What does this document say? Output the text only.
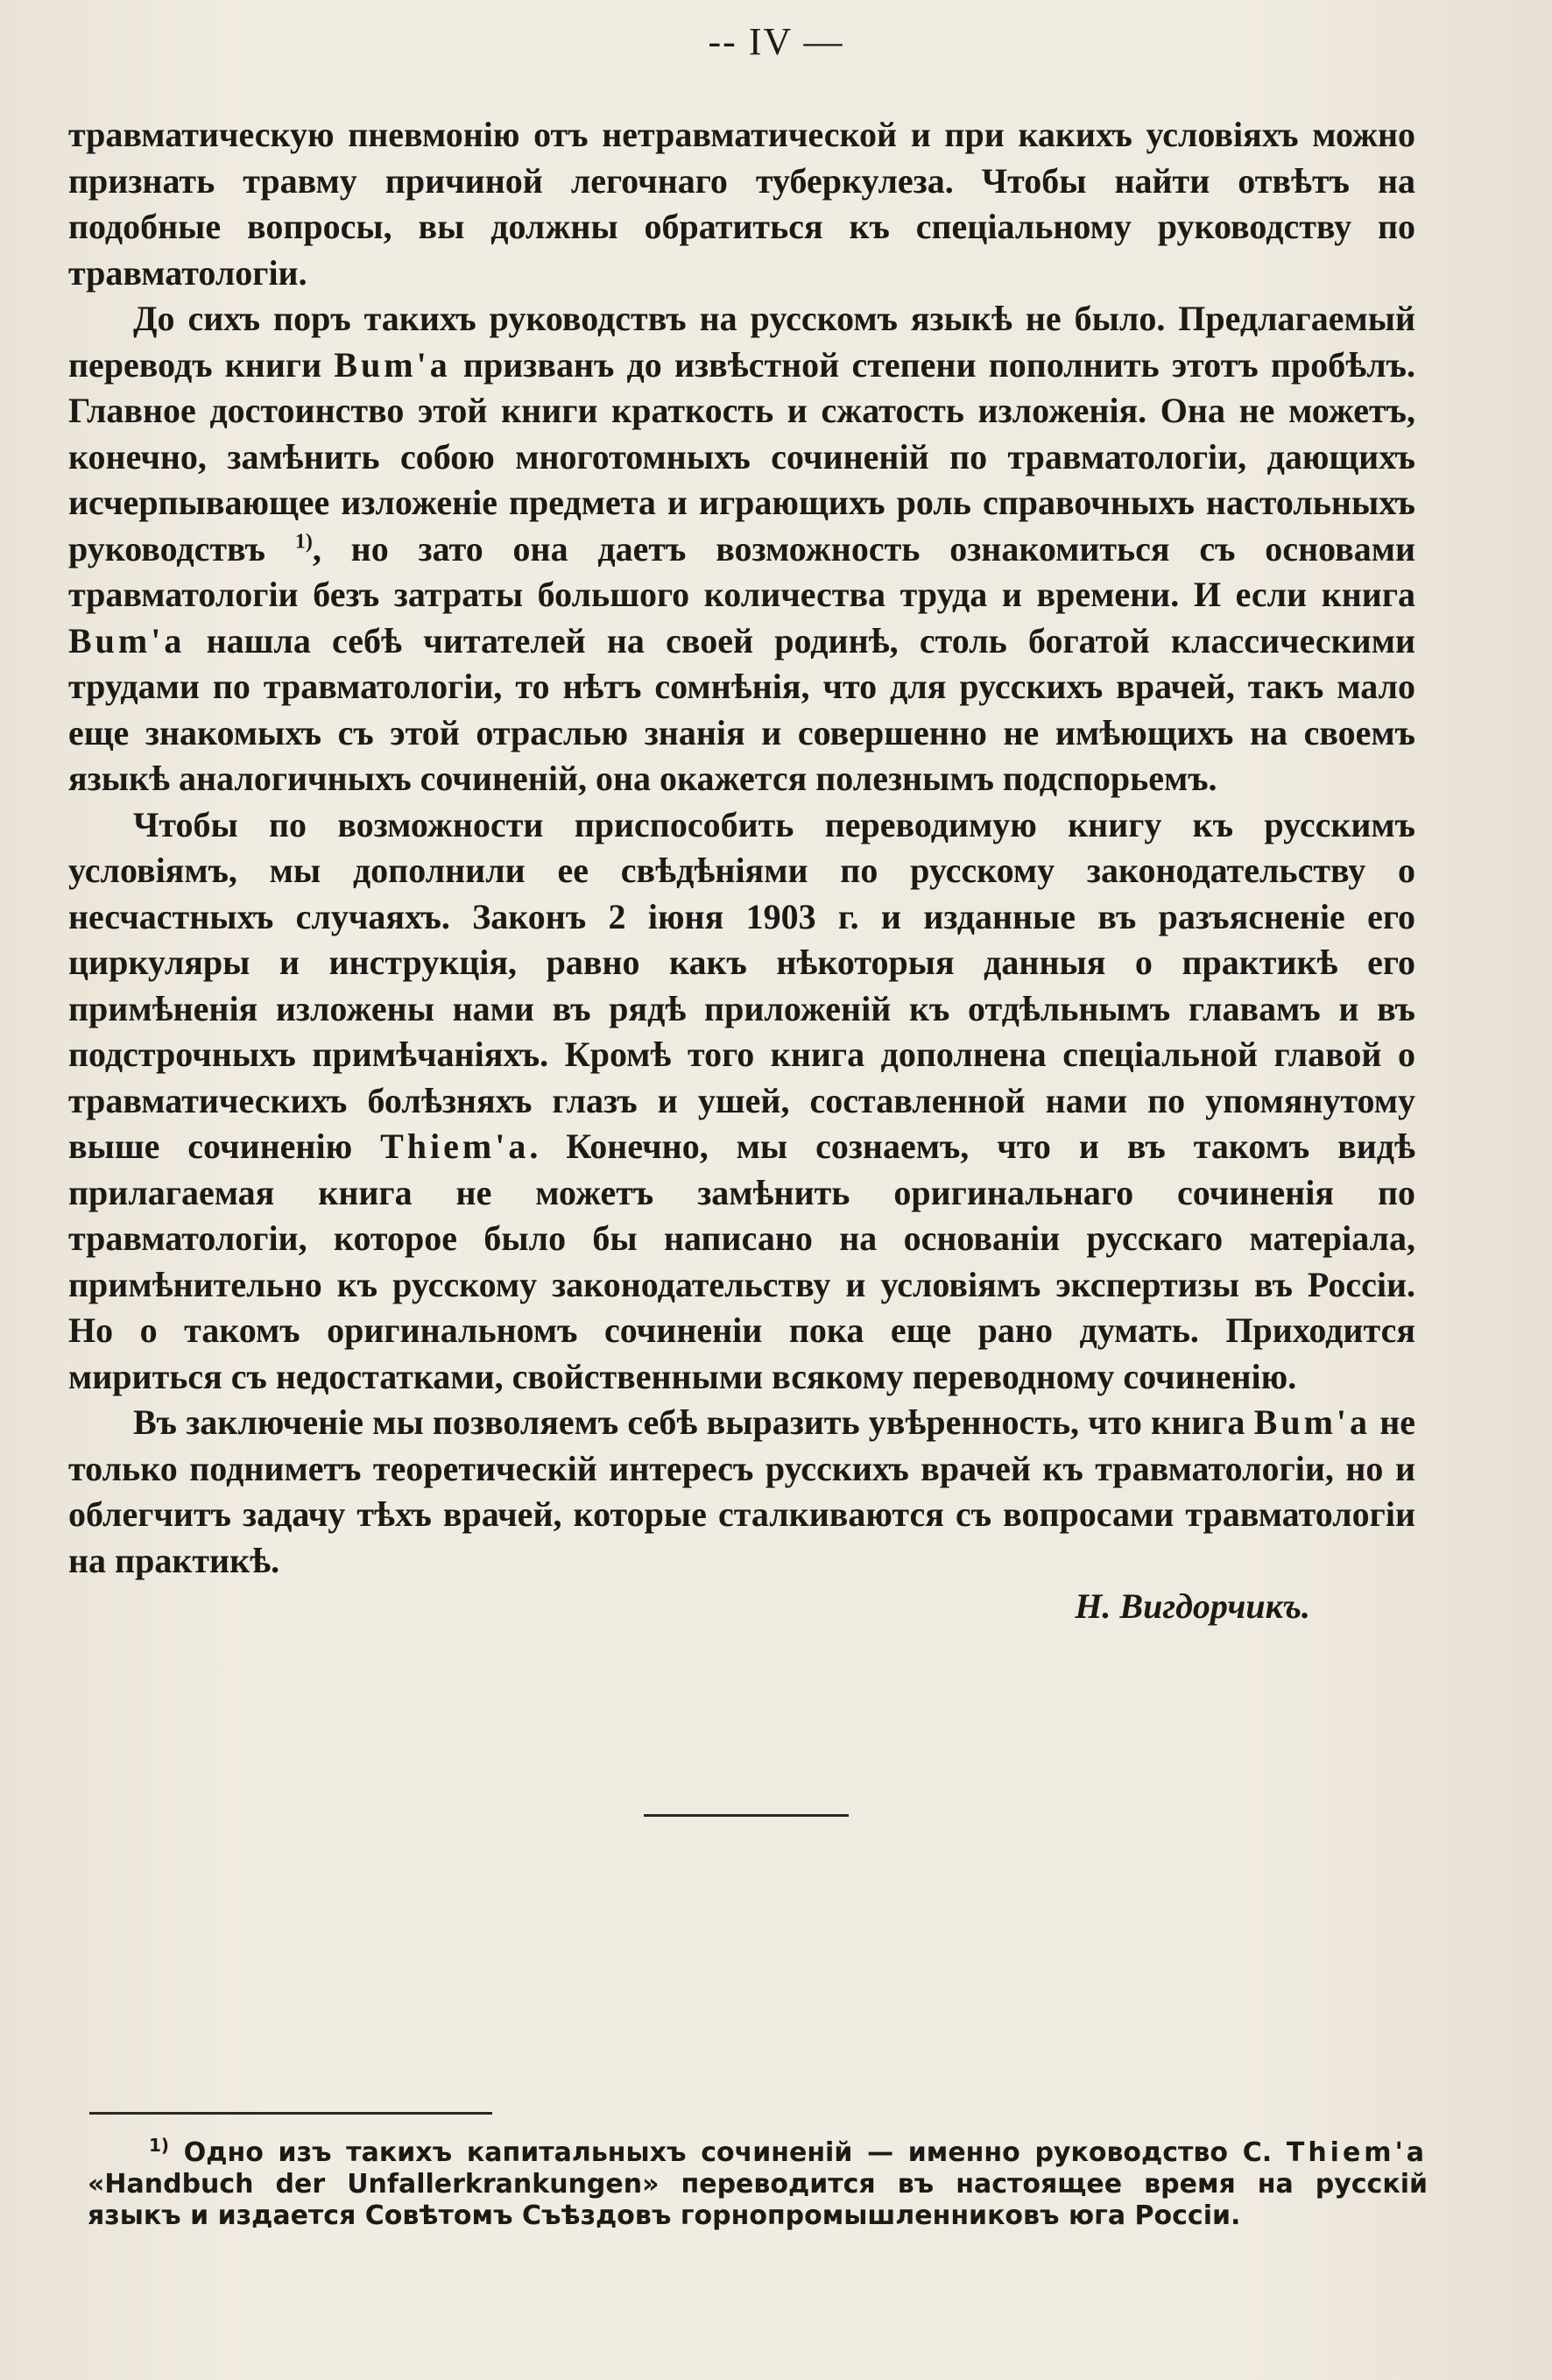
-- IV —

травматическую пневмонію отъ нетравматической и при какихъ условіяхъ можно признать травму причиной легочнаго туберкулеза. Чтобы найти отвѣтъ на подобные вопросы, вы должны обратиться къ спеціальному руководству по травматологіи.

До сихъ поръ такихъ руководствъ на русскомъ языкѣ не было. Предлагаемый переводъ книги Bum'a призванъ до извѣстной степени пополнить этотъ пробѣлъ. Главное достоинство этой книги краткость и сжатость изложенія. Она не можетъ, конечно, замѣнить собою многотомныхъ сочиненій по травматологіи, дающихъ исчерпывающее изложеніе предмета и играющихъ роль справочныхъ настольныхъ руководствъ $^{1)}$, но зато она даетъ возможность ознакомиться съ основами травматологіи безъ затраты большого количества труда и времени. И если книга Bum'a нашла себѣ читателей на своей родинѣ, столь богатой классическими трудами по травматологіи, то нѣтъ сомнѣнія, что для русскихъ врачей, такъ мало еще знакомыхъ съ этой отраслью знанія и совершенно не имѣющихъ на своемъ языкѣ аналогичныхъ сочиненій, она окажется полезнымъ подспорьемъ.

Чтобы по возможности приспособить переводимую книгу къ русскимъ условіямъ, мы дополнили ее свѣдѣніями по русскому законодательству о несчастныхъ случаяхъ. Законъ 2 іюня 1903 г. и изданные въ разъясненіе его циркуляры и инструкція, равно какъ нѣкоторыя данныя о практикѣ его примѣненія изложены нами въ рядѣ приложеній къ отдѣльнымъ главамъ и въ подстрочныхъ примѣчаніяхъ. Кромѣ того книга дополнена спеціальной главой о травматическихъ болѣзняхъ глазъ и ушей, составленной нами по упомянутому выше сочиненію Thiem'a. Конечно, мы сознаемъ, что и въ такомъ видѣ прилагаемая книга не можетъ замѣнить оригинальнаго сочиненія по травматологіи, которое было бы написано на основаніи русскаго матеріала, примѣнительно къ русскому законодательству и условіямъ экспертизы въ Россіи. Но о такомъ оригинальномъ сочиненіи пока еще рано думать. Приходится мириться съ недостатками, свойственными всякому переводному сочиненію.

Въ заключеніе мы позволяемъ себѣ выразить увѣренность, что книга Bum'a не только подниметъ теоретическій интересъ русскихъ врачей къ травматологіи, но и облегчитъ задачу тѣхъ врачей, которые сталкиваются съ вопросами травматологіи на практикѣ.

Н. Вигдорчикъ.

$^{1)}$ Одно изъ такихъ капитальныхъ сочиненій — именно руководство C. Thiem'a «Handbuch der Unfallerkrankungen» переводится въ настоящее время на русскій языкъ и издается Совѣтомъ Съѣздовъ горнопромышленниковъ юга Россіи.
